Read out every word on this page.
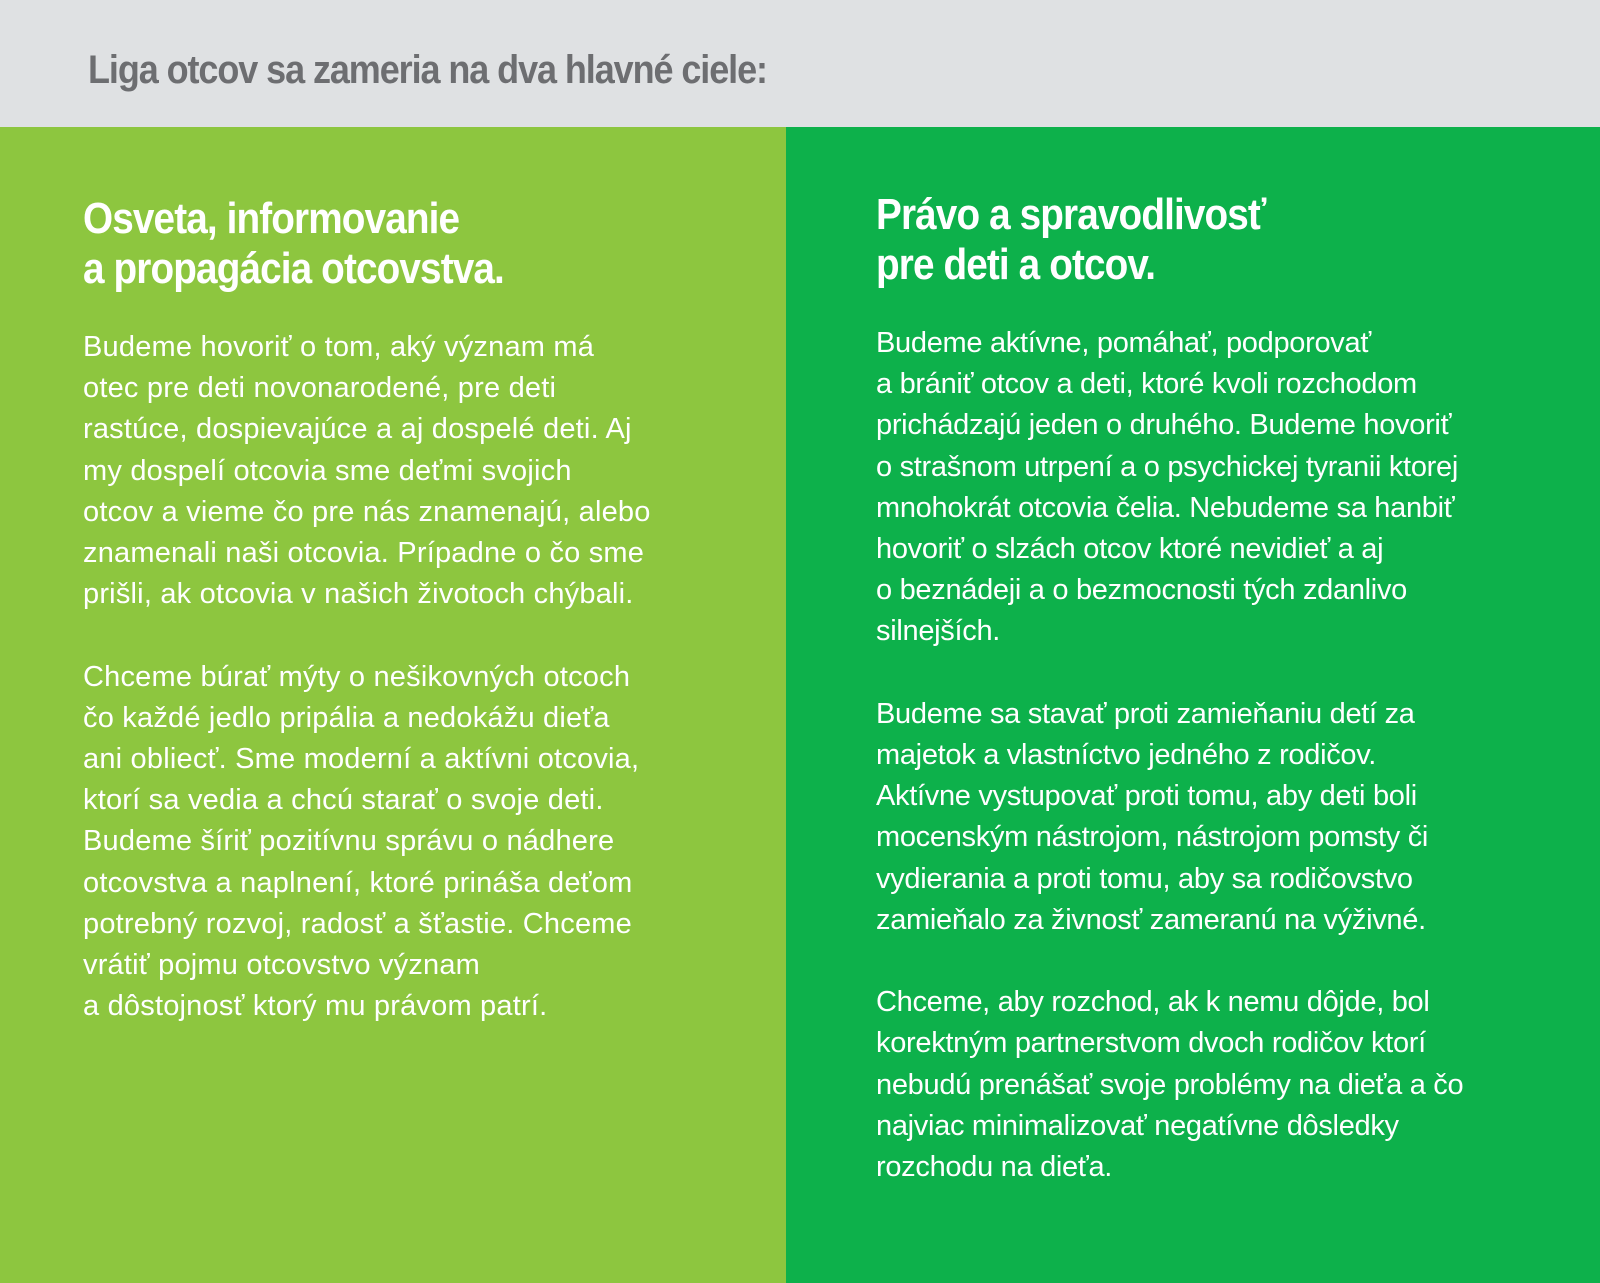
Liga otcov sa zameria na dva hlavné ciele:
Osveta, informovanie
a propagácia otcovstva.

Budeme hovoriť o tom, aký význam má
otec pre deti novonarodené, pre deti
rastúce, dospievajúce a aj dospelé deti. Aj
my dospelí otcovia sme deťmi svojich
otcov a vieme čo pre nás znamenajú, alebo
znamenali naši otcovia. Prípadne o čo sme
prišli, ak otcovia v našich životoch chýbali.

Chceme búrať mýty o nešikovných otcoch
čo každé jedlo pripália a nedokážu dieťa
ani obliecť. Sme moderní a aktívni otcovia,
ktorí sa vedia a chcú starať o svoje deti.
Budeme šíriť pozitívnu správu o nádhere
otcovstva a naplnení, ktoré prináša deťom
potrebný rozvoj, radosť a šťastie. Chceme
vrátiť pojmu otcovstvo význam
a dôstojnosť ktorý mu právom patrí.

Právo a spravodlivosť
pre deti a otcov.

Budeme aktívne, pomáhať, podporovať
a brániť otcov a deti, ktoré kvoli rozchodom
prichádzajú jeden o druhého. Budeme hovoriť
o strašnom utrpení a o psychickej tyranii ktorej
mnohokrát otcovia čelia. Nebudeme sa hanbiť
hovoriť o slzách otcov ktoré nevidieť a aj
o beznádeji a o bezmocnosti tých zdanlivo
silnejších.

Budeme sa stavať proti zamieňaniu detí za
majetok a vlastníctvo jedného z rodičov.
Aktívne vystupovať proti tomu, aby deti boli
mocenským nástrojom, nástrojom pomsty či
vydierania a proti tomu, aby sa rodičovstvo
zamieňalo za živnosť zameranú na výživné.

Chceme, aby rozchod, ak k nemu dôjde, bol
korektným partnerstvom dvoch rodičov ktorí
nebudú prenášať svoje problémy na dieťa a čo
najviac minimalizovať negatívne dôsledky
rozchodu na dieťa.
